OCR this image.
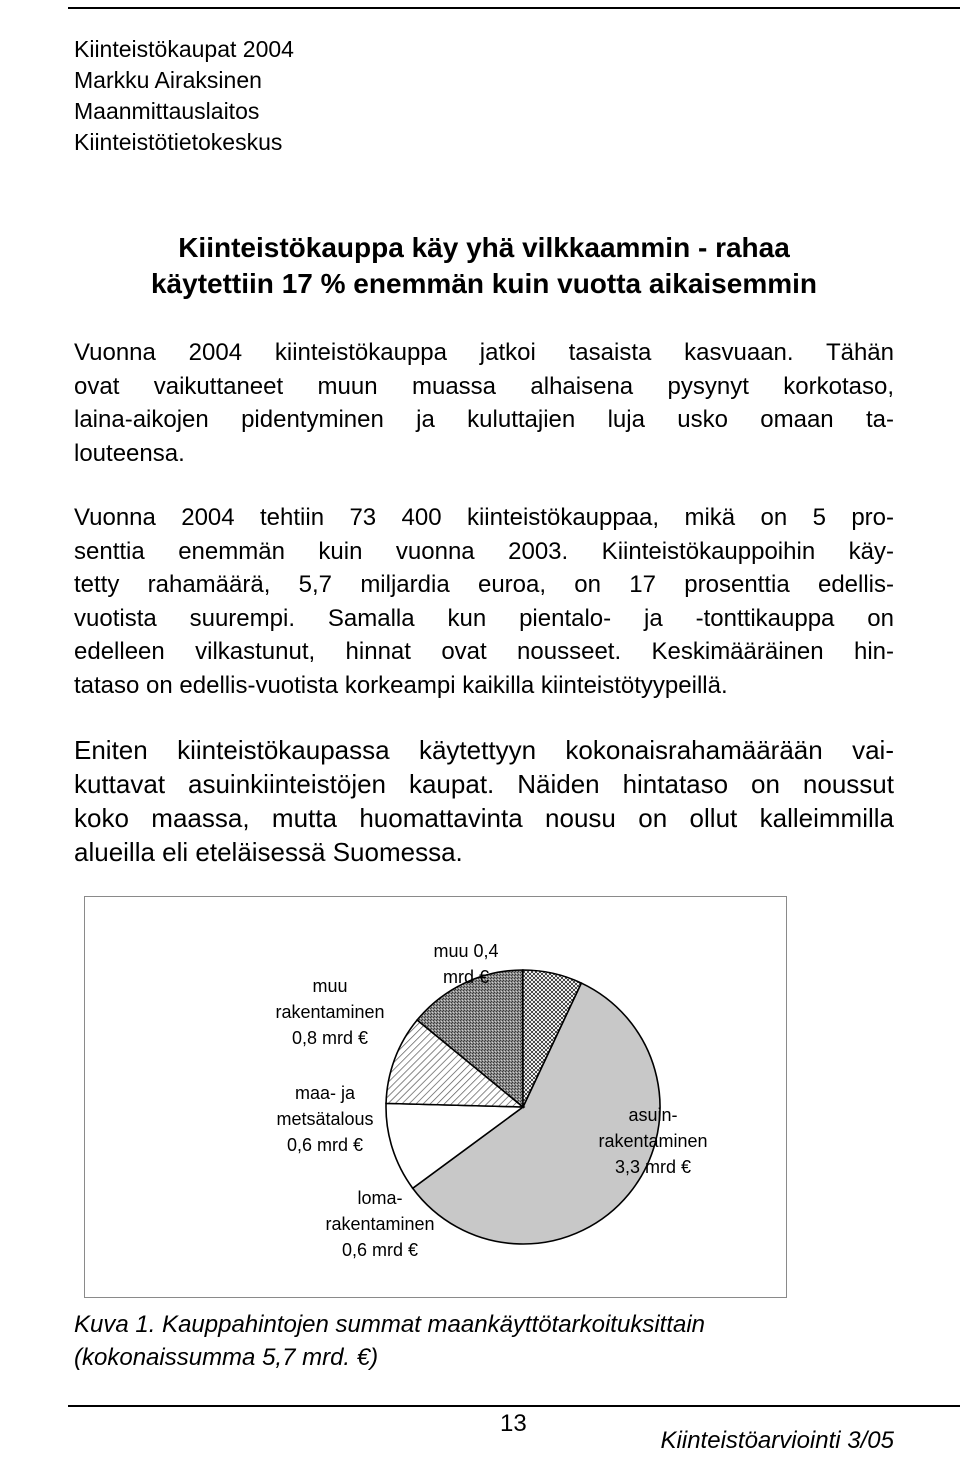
Kiinteistökaupat 2004
Markku Airaksinen
Maanmittauslaitos
Kiinteistötietokeskus
Kiinteistökauppa käy yhä vilkkaammin - rahaa
käytettiin 17 % enemmän kuin vuotta aikaisemmin
Vuonna 2004 kiinteistökauppa jatkoi tasaista kasvuaan. Tähän
ovat vaikuttaneet muun muassa alhaisena pysynyt korkotaso,
laina-aikojen pidentyminen ja kuluttajien luja usko omaan ta-
louteensa.
Vuonna 2004 tehtiin 73 400 kiinteistökauppaa, mikä on 5 pro-
senttia enemmän kuin vuonna 2003. Kiinteistökauppoihin käy-
tetty rahamäärä, 5,7 miljardia euroa, on 17 prosenttia edellis-
vuotista suurempi. Samalla kun pientalo- ja -tonttikauppa on
edelleen vilkastunut, hinnat ovat nousseet. Keskimääräinen hin-
tataso on edellis-vuotista korkeampi kaikilla kiinteistötyypeillä.
Eniten kiinteistökaupassa käytettyyn kokonaisrahamäärään vai-
kuttavat asuinkiinteistöjen kaupat. Näiden hintataso on noussut
koko maassa, mutta huomattavinta nousu on ollut kalleimmilla
alueilla eli eteläisessä Suomessa.
asuin-
rakentaminen
3,3 mrd €
loma-
rakentaminen
0,6 mrd €
maa- ja
metsätalous
0,6 mrd €
muu
rakentaminen
0,8 mrd €
muu 0,4
mrd €
Kuva 1. Kauppahintojen summat maankäyttötarkoituksittain
(kokonaissumma 5,7 mrd. €)
13
Kiinteistöarviointi 3/05
